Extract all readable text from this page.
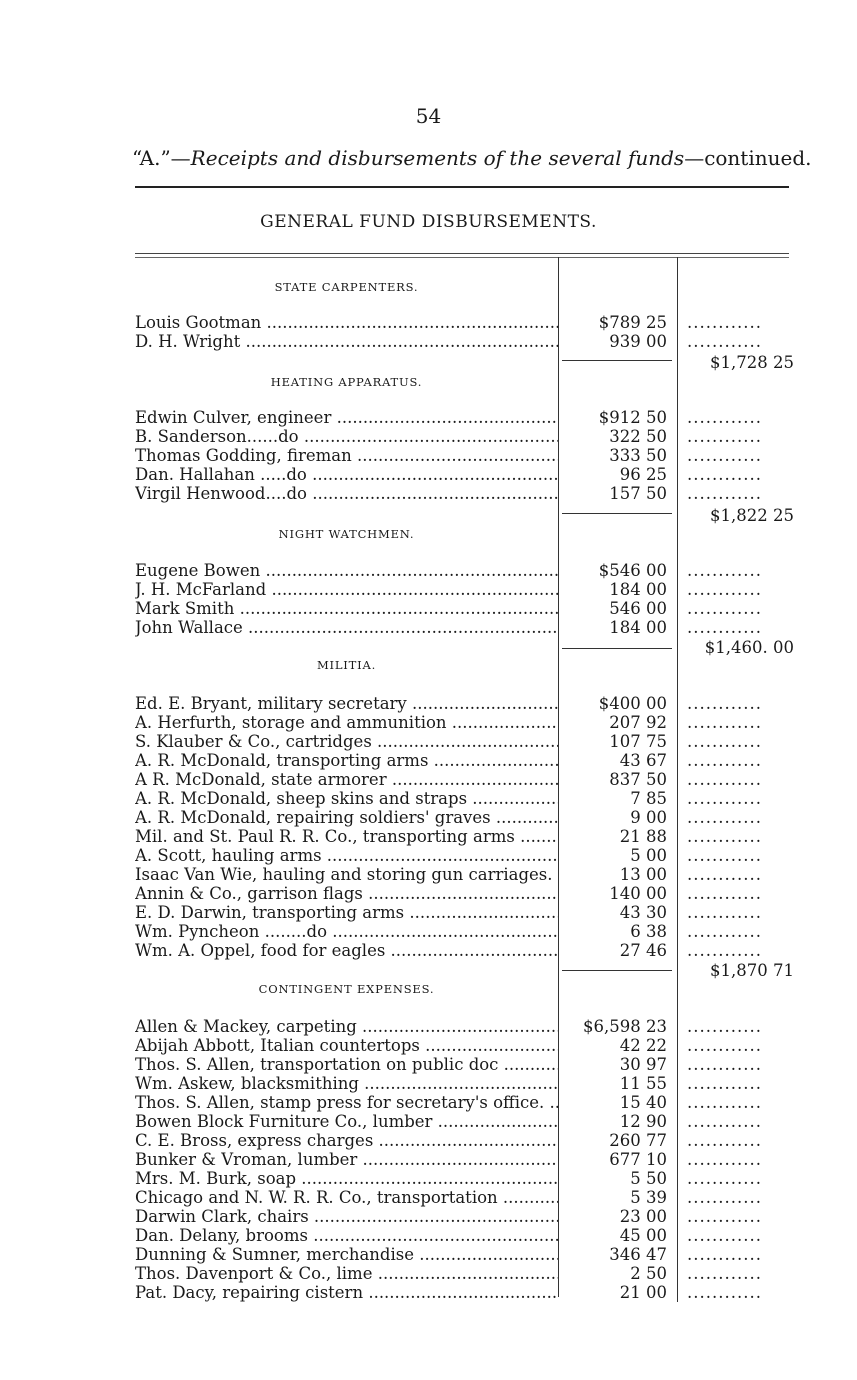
54
“A.”—Receipts and disbursements of the several funds—continued.
GENERAL FUND DISBURSEMENTS.
STATE CARPENTERS.
Louis Gootman .....	$789 25 ............
D. H. Wright .....	939 00 ............
$1,728 25
HEATING APPARATUS.
Edwin Culver, engineer .....	$912 50 ............
B. Sanderson......do .....	322 50 ............
Thomas Godding, fireman .....	333 50 ............
Dan. Hallahan .....do .....	96 25 ............
Virgil Henwood....do .....	157 50 ............
$1,822 25
NIGHT WATCHMEN.
Eugene Bowen .....	$546 00 ............
J. H. McFarland .....	184 00 ............
Mark Smith .....	546 00 ............
John Wallace .....	184 00 ............
$1,460. 00
MILITIA.
Ed. E. Bryant, military secretary .....	$400 00 ............
A. Herfurth, storage and ammunition .....	207 92 ............
S. Klauber & Co., cartridges .....	107 75 ............
A. R. McDonald, transporting arms .....	43 67 ............
A R. McDonald, state armorer .....	837 50 ............
A. R. McDonald, sheep skins and straps .....	7 85 ............
A. R. McDonald, repairing soldiers' graves .....	9 00 ............
Mil. and St. Paul R. R. Co., transporting arms .....	21 88 ............
A. Scott, hauling arms .....	5 00 ............
Isaac Van Wie, hauling and storing gun carriages. .....	13 00 ............
Annin & Co., garrison flags .....	140 00 ............
E. D. Darwin, transporting arms .....	43 30 ............
Wm. Pyncheon ........do .....	6 38 ............
Wm. A. Oppel, food for eagles .....	27 46 ............
$1,870 71
CONTINGENT EXPENSES.
Allen & Mackey, carpeting .....	$6,598 23 ............
Abijah Abbott, Italian countertops .....	42 22 ............
Thos. S. Allen, transportation on public doc .....	30 97 ............
Wm. Askew, blacksmithing .....	11 55 ............
Thos. S. Allen, stamp press for secretary's office. .....	15 40 ............
Bowen Block Furniture Co., lumber .....	12 90 ............
C. E. Bross, express charges .....	260 77 ............
Bunker & Vroman, lumber .....	677 10 ............
Mrs. M. Burk, soap .....	5 50 ............
Chicago and N. W. R. R. Co., transportation .....	5 39 ............
Darwin Clark, chairs .....	23 00 ............
Dan. Delany, brooms .....	45 00 ............
Dunning & Sumner, merchandise .....	346 47 ............
Thos. Davenport & Co., lime .....	2 50 ............
Pat. Dacy, repairing cistern .....	21 00 ............
